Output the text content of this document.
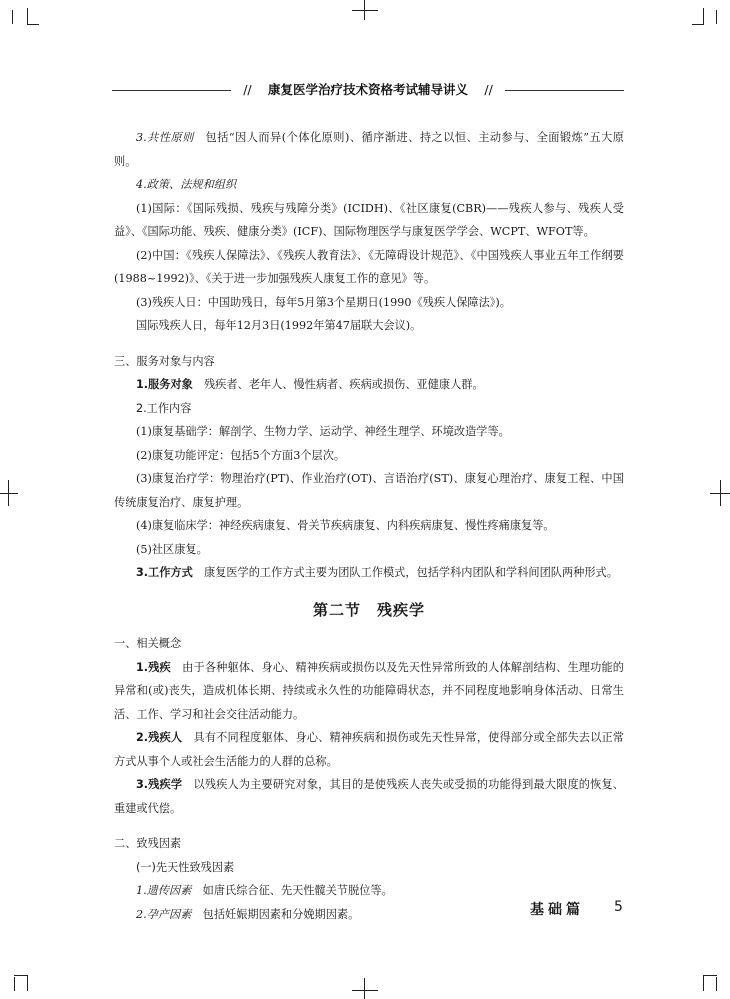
// 康复医学治疗技术资格考试辅导讲义 //

3.共性原则　包括“因人而异(个体化原则)、循序渐进、持之以恒、主动参与、全面锻炼”五大原则。

4.政策、法规和组织

(1)国际：《国际残损、残疾与残障分类》(ICIDH)、《社区康复(CBR)——残疾人参与、残疾人受益》、《国际功能、残疾、健康分类》(ICF)、国际物理医学与康复医学学会、WCPT、WFOT等。

(2)中国：《残疾人保障法》、《残疾人教育法》、《无障碍设计规范》、《中国残疾人事业五年工作纲要(1988~1992)》、《关于进一步加强残疾人康复工作的意见》等。

(3)残疾人日：中国助残日，每年5月第3个星期日(1990《残疾人保障法》)。

国际残疾人日，每年12月3日(1992年第47届联大会议)。

三、服务对象与内容

1.服务对象　残疾者、老年人、慢性病者、疾病或损伤、亚健康人群。

2.工作内容

(1)康复基础学：解剖学、生物力学、运动学、神经生理学、环境改造学等。

(2)康复功能评定：包括5个方面3个层次。

(3)康复治疗学：物理治疗(PT)、作业治疗(OT)、言语治疗(ST)、康复心理治疗、康复工程、中国传统康复治疗、康复护理。

(4)康复临床学：神经疾病康复、骨关节疾病康复、内科疾病康复、慢性疼痛康复等。

(5)社区康复。

3.工作方式　康复医学的工作方式主要为团队工作模式，包括学科内团队和学科间团队两种形式。

第二节　残疾学

一、相关概念

1.残疾　由于各种躯体、身心、精神疾病或损伤以及先天性异常所致的人体解剖结构、生理功能的异常和(或)丧失，造成机体长期、持续或永久性的功能障碍状态，并不同程度地影响身体活动、日常生活、工作、学习和社会交往活动能力。

2.残疾人　具有不同程度躯体、身心、精神疾病和损伤或先天性异常，使得部分或全部失去以正常方式从事个人或社会生活能力的人群的总称。

3.残疾学　以残疾人为主要研究对象，其目的是使残疾人丧失或受损的功能得到最大限度的恢复、重建或代偿。

二、致残因素

(一)先天性致残因素

1.遗传因素　如唐氏综合征、先天性髋关节脱位等。

2.孕产因素　包括妊娠期因素和分娩期因素。	基础篇 5
